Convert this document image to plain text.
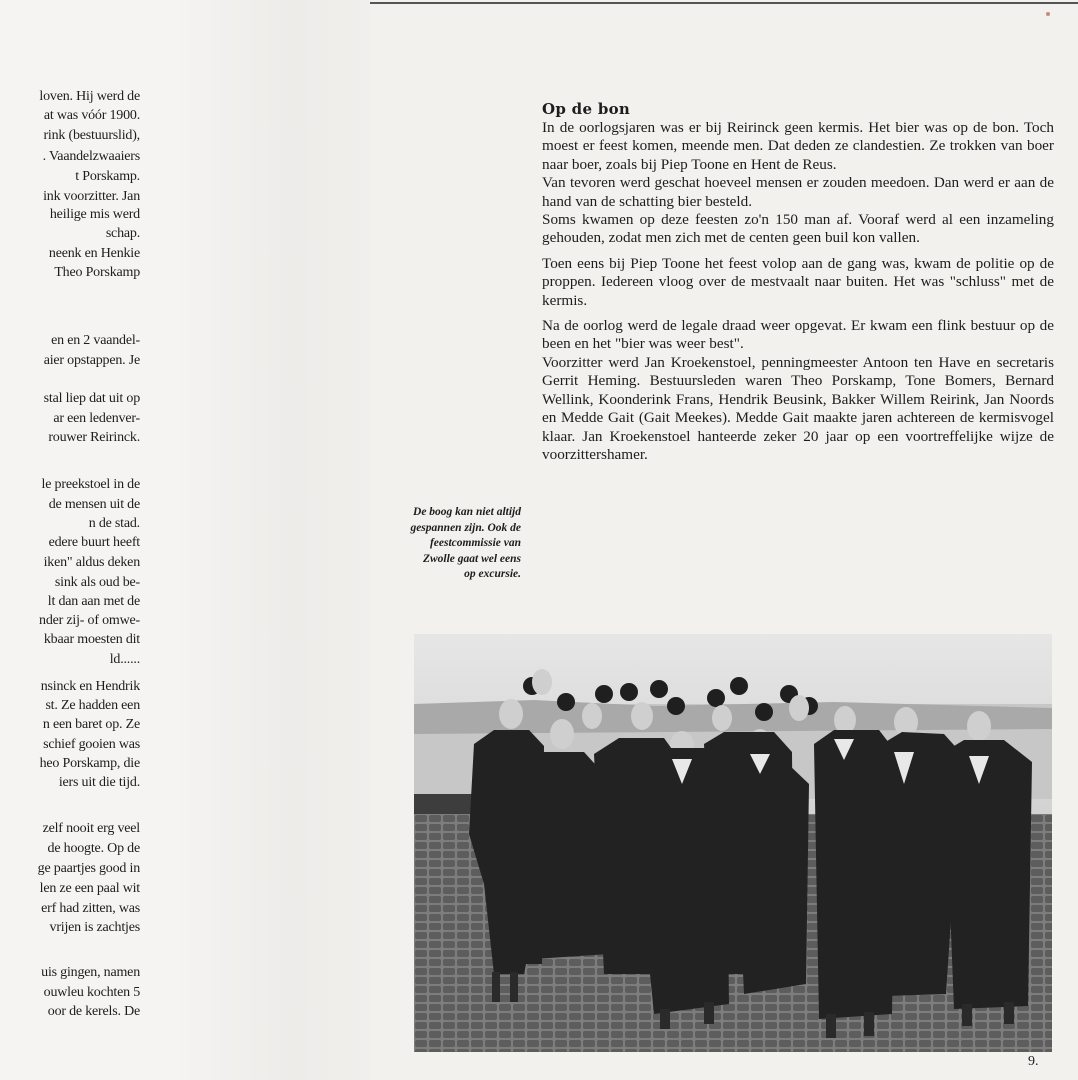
loven. Hij werd de
at was vóór 1900.
rink (bestuurslid),
. Vaandelzwaaiers
t Porskamp.
ink voorzitter. Jan
heilige mis werd
schap.
neenk en Henkie
Theo Porskamp
en en 2 vaandel-
aier opstappen. Je
stal liep dat uit op
ar een ledenver-
rouwer Reirinck.
le preekstoel in de
de mensen uit de
n de stad.
edere buurt heeft
iken" aldus deken
sink als oud be-
lt dan aan met de
nder zij- of omwe-
kbaar moesten dit
ld......
nsinck en Hendrik
st. Ze hadden een
n een baret op. Ze
schief gooien was
heo Porskamp, die
iers uit die tijd.
zelf nooit erg veel
de hoogte. Op de
ge paartjes good in
len ze een paal wit
erf had zitten, was
vrijen is zachtjes
uis gingen, namen
ouwleu kochten 5
oor de kerels. De
Op de bon

In de oorlogsjaren was er bij Reirinck geen kermis. Het bier was op de bon. Toch moest er feest komen, meende men. Dat deden ze clandestien. Ze trokken van boer naar boer, zoals bij Piep Toone en Hent de Reus.

Van tevoren werd geschat hoeveel mensen er zouden meedoen. Dan werd er aan de hand van de schatting bier besteld.

Soms kwamen op deze feesten zo'n 150 man af. Vooraf werd al een inzameling gehouden, zodat men zich met de centen geen buil kon vallen.

Toen eens bij Piep Toone het feest volop aan de gang was, kwam de politie op de proppen. Iedereen vloog over de mestvaalt naar buiten. Het was "schluss" met de kermis.

Na de oorlog werd de legale draad weer opgevat. Er kwam een flink bestuur op de been en het "bier was weer best".

Voorzitter werd Jan Kroekenstoel, penningmeester Antoon ten Have en secretaris Gerrit Heming. Bestuursleden waren Theo Porskamp, Tone Bomers, Bernard Wellink, Koonderink Frans, Hendrik Beusink, Bakker Willem Reirink, Jan Noords en Medde Gait (Gait Meekes). Medde Gait maakte jaren achtereen de kermisvogel klaar. Jan Kroekenstoel hanteerde zeker 20 jaar op een voortreffelijke wijze de voorzittershamer.

De boog kan niet altijd gespannen zijn. Ook de feestcommissie van Zwolle gaat wel eens op excursie.
9.
